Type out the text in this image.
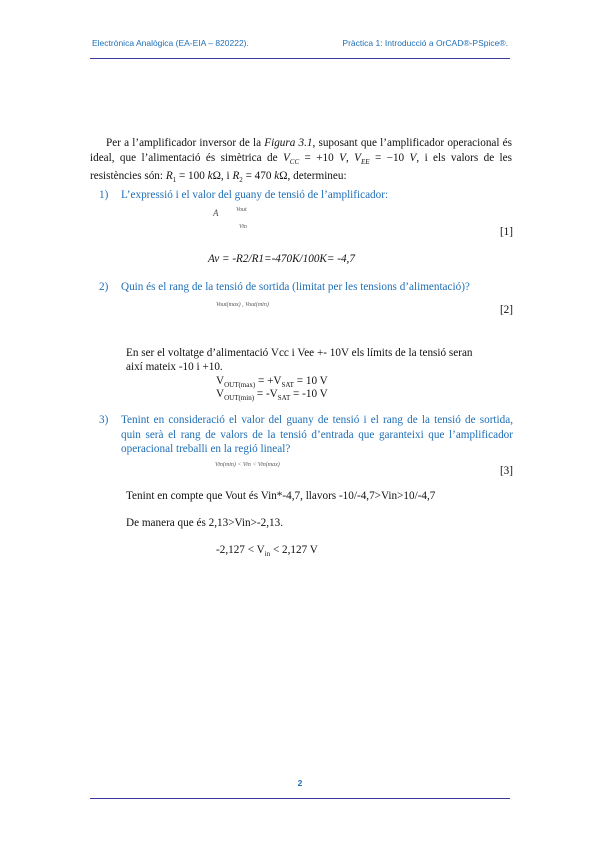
Electrònica Analògica (EA-EIA – 820222).	Pràctica 1: Introducció a OrCAD®-PSpice®.
Per a l’amplificador inversor de la Figura 3.1, suposant que l’amplificador operacional és ideal, que l’alimentació és simètrica de $V_{CC} = +10$ V, $V_{EE} = -10$ V, i els valors de les resistències són: $R_1 = 100$ kΩ, i $R_2 = 470$ kΩ, determineu:
1) L’expressió i el valor del guany de tensió de l’amplificador:
A	Vout
Vin	[1]
Av = -R2/R1=-470K/100K= -4,7
2) Quin és el rang de la tensió de sortida (limitat per les tensions d’alimentació)?
Vout(max) , Vout(min)	[2]
En ser el voltatge d’alimentació Vcc i Vee +- 10V els límits de la tensió seran
així mateix -10 i +10.
$V_{OUT(max)} = +V_{SAT} = 10$ V
$V_{OUT(min)} = -V_{SAT} = -10$ V
3) Tenint en consideració el valor del guany de tensió i el rang de la tensió de sortida, quin serà el rang de valors de la tensió d’entrada que garanteixi que l’amplificador operacional treballi en la regió lineal?
Vin(min) < Vin < Vin(max)	[3]
Tenint en compte que Vout és Vin*-4,7, llavors -10/-4,7>Vin>10/-4,7
De manera que és 2,13>Vin>-2,13.
$-2,127 < V_{in} < 2,127$ V
2
